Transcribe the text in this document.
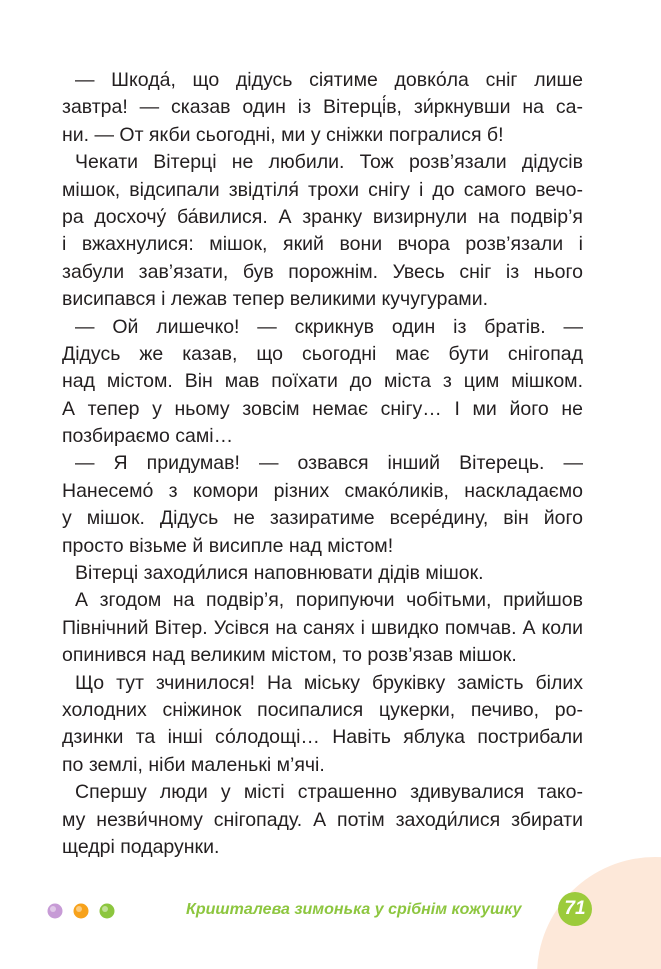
— Шкода́, що дідусь сіятиме довко́ла сніг лише
завтра! — сказав один із Вітерці́в, зи́ркнувши на са-
ни. — От якби сьогодні, ми у сніжки погралися б!
Чекати Вітерці не любили. Тож розв’язали дідусів
мішок, відсипали звідтіля́ трохи снігу і до самого вечо-
ра досхочу́ ба́вилися. А зранку визирнули на подвір’я
і вжахнулися: мішок, який вони вчора розв’язали і
забули зав’язати, був порожнім. Увесь сніг із нього
висипався і лежав тепер великими кучугурами.
— Ой лишечко! — скрикнув один із братів. —
Дідусь же казав, що сьогодні має бути снігопад
над містом. Він мав поїхати до міста з цим мішком.
А тепер у ньому зовсім немає снігу… І ми його не
позбираємо самі…
— Я придумав! — озвався інший Вітерець. —
Нанесемо́ з комори різних смако́ликів, наскладаємо
у мішок. Дідусь не зазиратиме всере́дину, він його
просто візьме й висипле над містом!
Вітерці заходи́лися наповнювати дідів мішок.
А згодом на подвір’я, порипуючи чобітьми, прийшов
Північний Вітер. Усівся на санях і швидко помчав. А коли
опинився над великим містом, то розв’язав мішок.
Що тут зчинилося! На міську бруківку замість білих
холодних сніжинок посипалися цукерки, печиво, ро-
дзинки та інші со́лодощі… Навіть яблука пострибали
по землі, ніби маленькі м’ячі.
Спершу люди у місті страшенно здивувалися тако-
му незви́чному снігопаду. А потім заходи́лися збирати
щедрі подарунки.
Кришталева зимонька у срібнім кожушку	71
